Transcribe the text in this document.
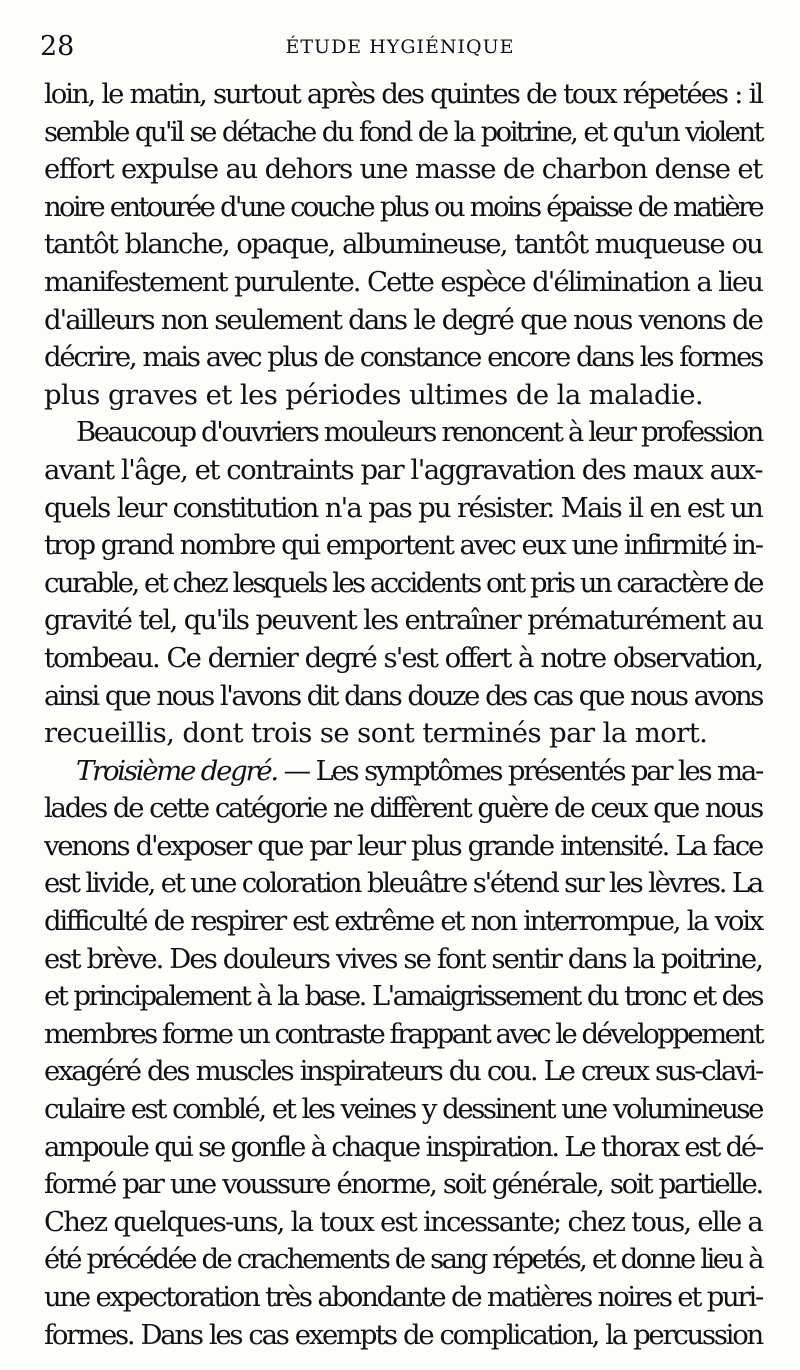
28	ÉTUDE HYGIÉNIQUE
loin, le matin, surtout après des quintes de toux répetées : il
semble qu'il se détache du fond de la poitrine, et qu'un violent
effort expulse au dehors une masse de charbon dense et
noire entourée d'une couche plus ou moins épaisse de matière
tantôt blanche, opaque, albumineuse, tantôt muqueuse ou
manifestement purulente. Cette espèce d'élimination a lieu
d'ailleurs non seulement dans le degré que nous venons de
décrire, mais avec plus de constance encore dans les formes
plus graves et les périodes ultimes de la maladie.
Beaucoup d'ouvriers mouleurs renoncent à leur profession
avant l'âge, et contraints par l'aggravation des maux aux-
quels leur constitution n'a pas pu résister. Mais il en est un
trop grand nombre qui emportent avec eux une infirmité in-
curable, et chez lesquels les accidents ont pris un caractère de
gravité tel, qu'ils peuvent les entraîner prématurément au
tombeau. Ce dernier degré s'est offert à notre observation,
ainsi que nous l'avons dit dans douze des cas que nous avons
recueillis, dont trois se sont terminés par la mort.
Troisième degré. — Les symptômes présentés par les ma-
lades de cette catégorie ne diffèrent guère de ceux que nous
venons d'exposer que par leur plus grande intensité. La face
est livide, et une coloration bleuâtre s'étend sur les lèvres. La
difficulté de respirer est extrême et non interrompue, la voix
est brève. Des douleurs vives se font sentir dans la poitrine,
et principalement à la base. L'amaigrissement du tronc et des
membres forme un contraste frappant avec le développement
exagéré des muscles inspirateurs du cou. Le creux sus-clavi-
culaire est comblé, et les veines y dessinent une volumineuse
ampoule qui se gonfle à chaque inspiration. Le thorax est dé-
formé par une voussure énorme, soit générale, soit partielle.
Chez quelques-uns, la toux est incessante; chez tous, elle a
été précédée de crachements de sang répetés, et donne lieu à
une expectoration très abondante de matières noires et puri-
formes. Dans les cas exempts de complication, la percussion
